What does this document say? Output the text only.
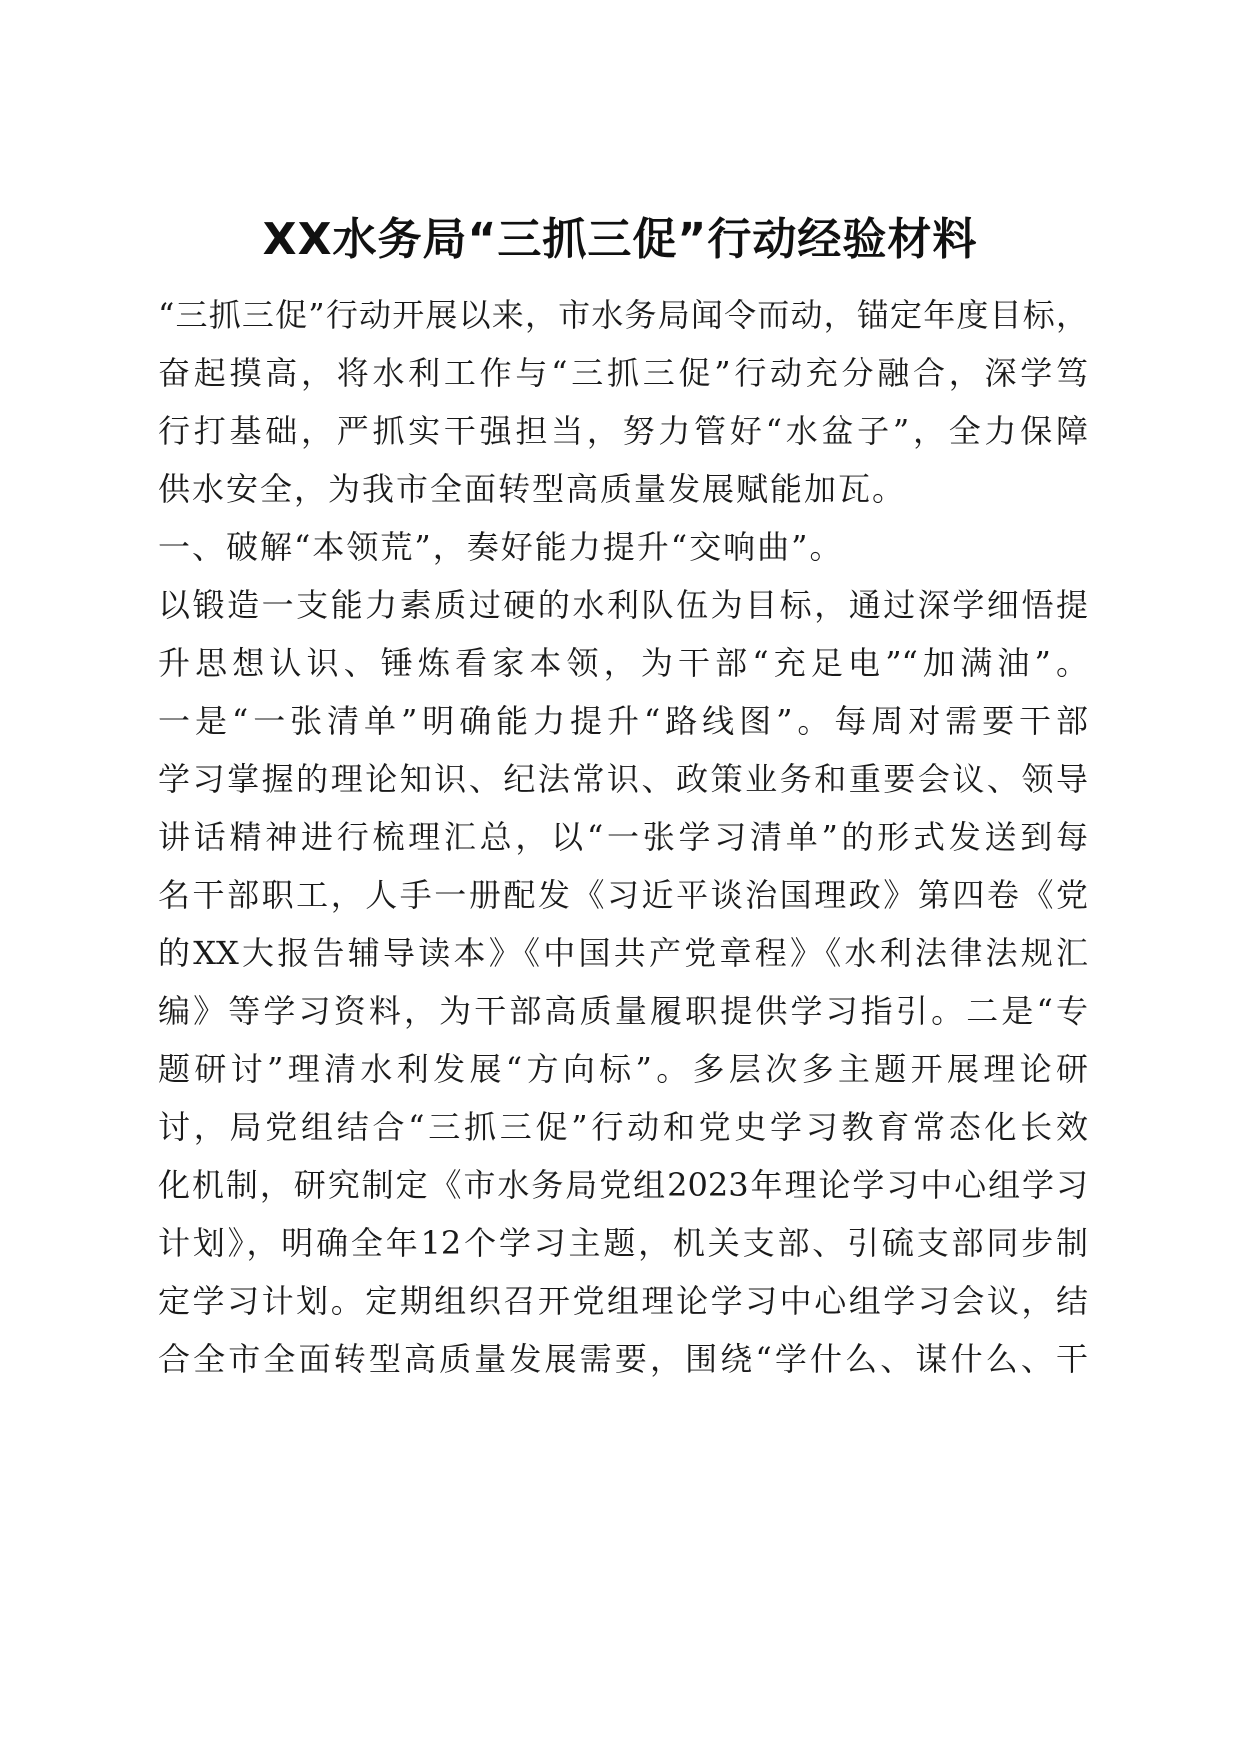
XX水务局“三抓三促”行动经验材料
“三抓三促”行动开展以来，市水务局闻令而动，锚定年度目标，
奋起摸高，将水利工作与“三抓三促”行动充分融合，深学笃
行打基础，严抓实干强担当，努力管好“水盆子”，全力保障
供水安全，为我市全面转型高质量发展赋能加瓦。
一、破解“本领荒”，奏好能力提升“交响曲”。
以锻造一支能力素质过硬的水利队伍为目标，通过深学细悟提
升思想认识、锤炼看家本领，为干部“充足电”“加满油”。
一是“一张清单”明确能力提升“路线图”。每周对需要干部
学习掌握的理论知识、纪法常识、政策业务和重要会议、领导
讲话精神进行梳理汇总，以“一张学习清单”的形式发送到每
名干部职工，人手一册配发《习近平谈治国理政》第四卷《党
的XX大报告辅导读本》《中国共产党章程》《水利法律法规汇
编》等学习资料，为干部高质量履职提供学习指引。二是“专
题研讨”理清水利发展“方向标”。多层次多主题开展理论研
讨，局党组结合“三抓三促”行动和党史学习教育常态化长效
化机制，研究制定《市水务局党组2023年理论学习中心组学习
计划》，明确全年12个学习主题，机关支部、引硫支部同步制
定学习计划。定期组织召开党组理论学习中心组学习会议，结
合全市全面转型高质量发展需要，围绕“学什么、谋什么、干
